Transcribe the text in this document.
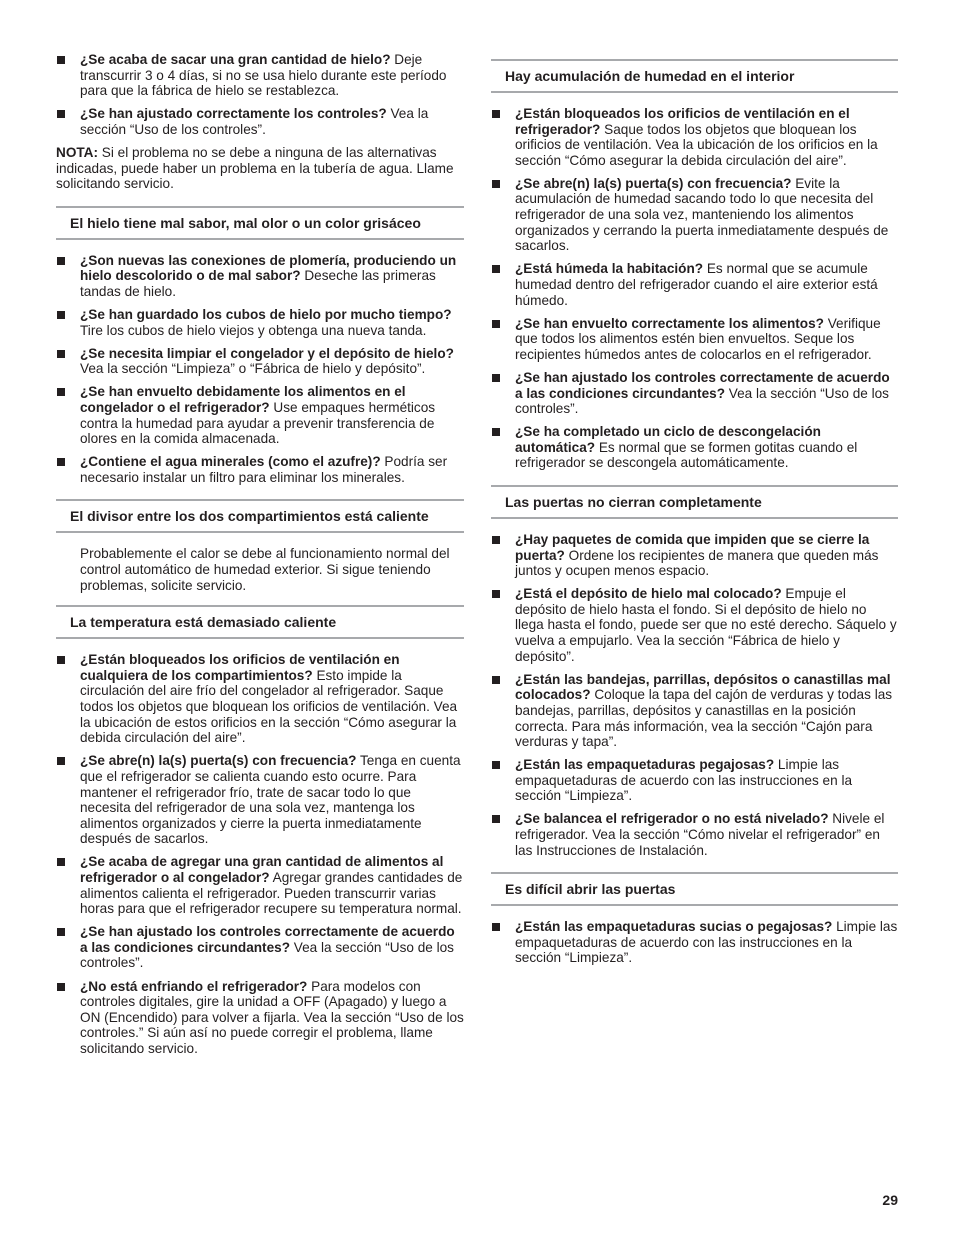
¿Se acaba de sacar una gran cantidad de hielo? Deje transcurrir 3 o 4 días, si no se usa hielo durante este período para que la fábrica de hielo se restablezca.
¿Se han ajustado correctamente los controles? Vea la sección “Uso de los controles”.

NOTA: Si el problema no se debe a ninguna de las alternativas indicadas, puede haber un problema en la tubería de agua. Llame solicitando servicio.

El hielo tiene mal sabor, mal olor o un color grisáceo
¿Son nuevas las conexiones de plomería, produciendo un hielo descolorido o de mal sabor? Deseche las primeras tandas de hielo.
¿Se han guardado los cubos de hielo por mucho tiempo? Tire los cubos de hielo viejos y obtenga una nueva tanda.
¿Se necesita limpiar el congelador y el depósito de hielo? Vea la sección “Limpieza” o “Fábrica de hielo y depósito”.
¿Se han envuelto debidamente los alimentos en el congelador o el refrigerador? Use empaques herméticos contra la humedad para ayudar a prevenir transferencia de olores en la comida almacenada.
¿Contiene el agua minerales (como el azufre)? Podría ser necesario instalar un filtro para eliminar los minerales.
El divisor entre los dos compartimientos está caliente
Probablemente el calor se debe al funcionamiento normal del control automático de humedad exterior. Si sigue teniendo problemas, solicite servicio.
La temperatura está demasiado caliente
¿Están bloqueados los orificios de ventilación en cualquiera de los compartimientos? Esto impide la circulación del aire frío del congelador al refrigerador. Saque todos los objetos que bloquean los orificios de ventilación. Vea la ubicación de estos orificios en la sección “Cómo asegurar la debida circulación del aire”.
¿Se abre(n) la(s) puerta(s) con frecuencia? Tenga en cuenta que el refrigerador se calienta cuando esto ocurre. Para mantener el refrigerador frío, trate de sacar todo lo que necesita del refrigerador de una sola vez, mantenga los alimentos organizados y cierre la puerta inmediatamente después de sacarlos.
¿Se acaba de agregar una gran cantidad de alimentos al refrigerador o al congelador? Agregar grandes cantidades de alimentos calienta el refrigerador. Pueden transcurrir varias horas para que el refrigerador recupere su temperatura normal.
¿Se han ajustado los controles correctamente de acuerdo a las condiciones circundantes? Vea la sección “Uso de los controles”.
¿No está enfriando el refrigerador? Para modelos con controles digitales, gire la unidad a OFF (Apagado) y luego a ON (Encendido) para volver a fijarla. Vea la sección “Uso de los controles.” Si aún así no puede corregir el problema, llame solicitando servicio.
Hay acumulación de humedad en el interior
¿Están bloqueados los orificios de ventilación en el refrigerador? Saque todos los objetos que bloquean los orificios de ventilación. Vea la ubicación de los orificios en la sección “Cómo asegurar la debida circulación del aire”.
¿Se abre(n) la(s) puerta(s) con frecuencia? Evite la acumulación de humedad sacando todo lo que necesita del refrigerador de una sola vez, manteniendo los alimentos organizados y cerrando la puerta inmediatamente después de sacarlos.
¿Está húmeda la habitación? Es normal que se acumule humedad dentro del refrigerador cuando el aire exterior está húmedo.
¿Se han envuelto correctamente los alimentos? Verifique que todos los alimentos estén bien envueltos. Seque los recipientes húmedos antes de colocarlos en el refrigerador.
¿Se han ajustado los controles correctamente de acuerdo a las condiciones circundantes? Vea la sección “Uso de los controles”.
¿Se ha completado un ciclo de descongelación automática? Es normal que se formen gotitas cuando el refrigerador se descongela automáticamente.
Las puertas no cierran completamente
¿Hay paquetes de comida que impiden que se cierre la puerta? Ordene los recipientes de manera que queden más juntos y ocupen menos espacio.
¿Está el depósito de hielo mal colocado? Empuje el depósito de hielo hasta el fondo. Si el depósito de hielo no llega hasta el fondo, puede ser que no esté derecho. Sáquelo y vuelva a empujarlo. Vea la sección “Fábrica de hielo y depósito”.
¿Están las bandejas, parrillas, depósitos o canastillas mal colocados? Coloque la tapa del cajón de verduras y todas las bandejas, parrillas, depósitos y canastillas en la posición correcta. Para más información, vea la sección “Cajón para verduras y tapa”.
¿Están las empaquetaduras pegajosas? Limpie las empaquetaduras de acuerdo con las instrucciones en la sección “Limpieza”.
¿Se balancea el refrigerador o no está nivelado? Nivele el refrigerador. Vea la sección “Cómo nivelar el refrigerador” en las Instrucciones de Instalación.
Es difícil abrir las puertas
¿Están las empaquetaduras sucias o pegajosas? Limpie las empaquetaduras de acuerdo con las instrucciones en la sección “Limpieza”.
29
